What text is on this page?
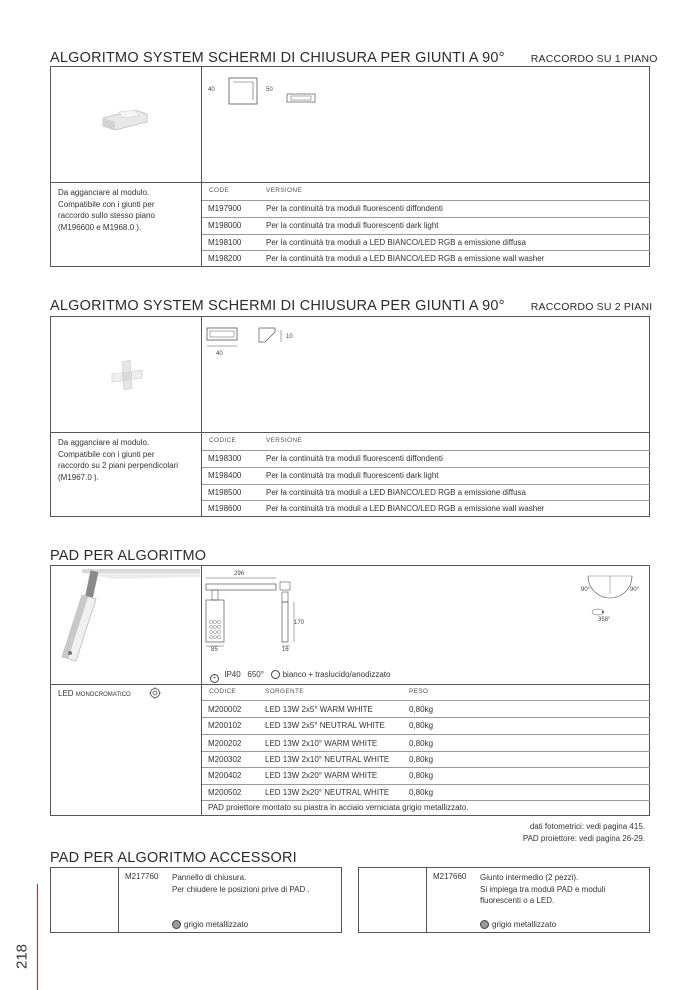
ALGORITMO SYSTEM SCHERMI DI CHIUSURA PER GIUNTI A 90° RACCORDO SU 1 PIANO
40	50
Da agganciare al modulo.
Compatibile con i giunti per
raccordo sullo stesso piano
(M196600 e M1968.0 ).
CODE	VERSIONE
M197900	Per la continuità tra moduli fluorescenti diffondenti
M198000	Per la continuità tra moduli fluorescenti dark light
M198100	Per la continuità tra moduli a LED BIANCO/LED RGB a emissione diffusa
M198200	Per la continuità tra moduli a LED BIANCO/LED RGB a emissione wall washer
ALGORITMO SYSTEM SCHERMI DI CHIUSURA PER GIUNTI A 90° RACCORDO SU 2 PIANI
40
10
Da agganciare al modulo.
Compatibile con i giunti per
raccordo su 2 piani perpendicolari
(M1967.0 ).
CODICE	VERSIONE
M198300	Per la continuità tra moduli fluorescenti diffondenti
M198400	Per la continuità tra moduli fluorescenti dark light
M198500	Per la continuità tra moduli a LED BIANCO/LED RGB a emissione diffusa
M198600	Per la continuità tra moduli a LED BIANCO/LED RGB a emissione wall washer
PAD PER ALGORITMO
296
85
170
16
90°	90°
358°
⏚ IP40 650° bianco + traslucido/anodizzato
LED MONOCROMATICO	CODICE	SORGENTE	PESO
M200002	LED 13W 2x5° WARM WHITE	0,80kg
M200102	LED 13W 2x5° NEUTRAL WHITE	0,80kg
M200202	LED 13W 2x10° WARM WHITE	0,80kg
M200302	LED 13W 2x10° NEUTRAL WHITE 0,80kg
M200402	LED 13W 2x20° WARM WHITE	0,80kg
M200502	LED 13W 2x20° NEUTRAL WHITE 0,80kg
PAD proiettore montato su piastra in acciaio verniciata grigio metallizzato.
dati fotometrici: vedi pagina 415.
PAD proiettore: vedi pagina 26-29.
PAD PER ALGORITMO ACCESSORI
M217760 Pannello di chiusura.
Per chiudere le posizioni prive di PAD .
grigio metallizzato
M217660 Giunto intermedio (2 pezzi).
Si impiega tra moduli PAD e moduli
fluorescenti o a LED.
grigio metallizzato
218
